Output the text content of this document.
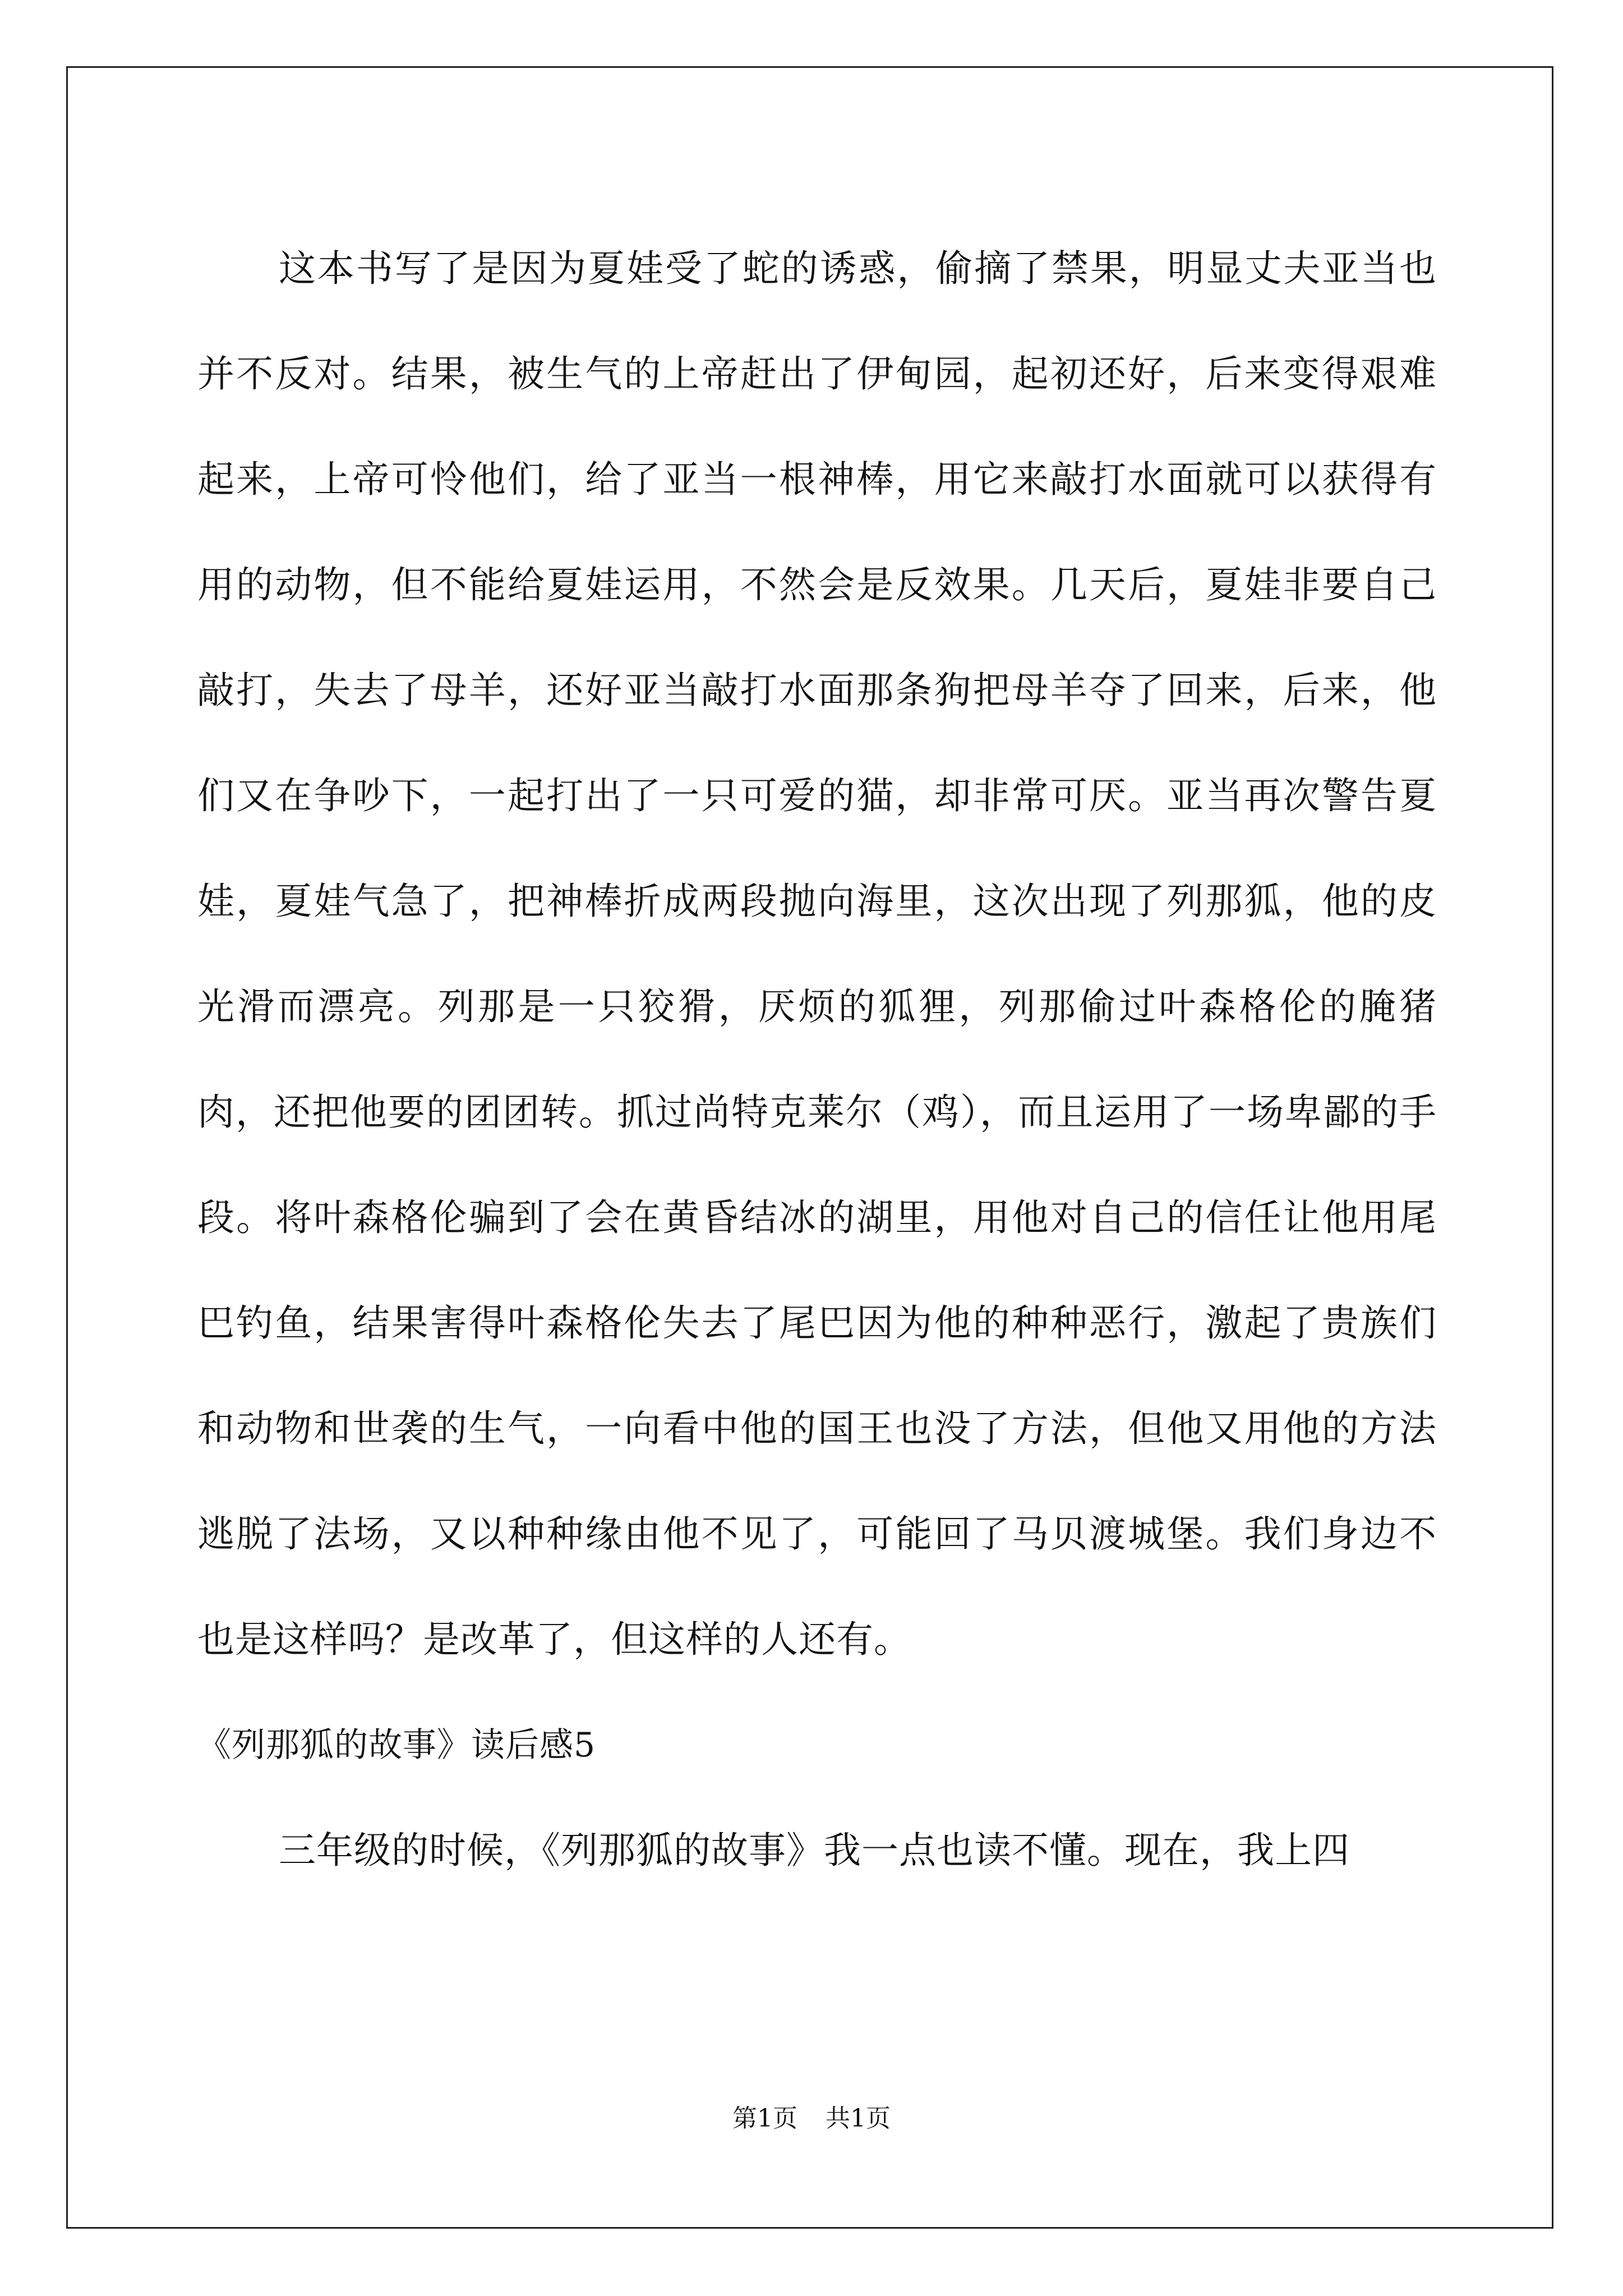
这本书写了是因为夏娃受了蛇的诱惑，偷摘了禁果，明显丈夫亚当也并不反对。结果，被生气的上帝赶出了伊甸园，起初还好，后来变得艰难起来，上帝可怜他们，给了亚当一根神棒，用它来敲打水面就可以获得有用的动物，但不能给夏娃运用，不然会是反效果。几天后，夏娃非要自己敲打，失去了母羊，还好亚当敲打水面那条狗把母羊夺了回来，后来，他们又在争吵下，一起打出了一只可爱的猫，却非常可厌。亚当再次警告夏娃，夏娃气急了，把神棒折成两段抛向海里，这次出现了列那狐，他的皮光滑而漂亮。列那是一只狡猾，厌烦的狐狸，列那偷过叶森格伦的腌猪肉，还把他要的团团转。抓过尚特克莱尔（鸡），而且运用了一场卑鄙的手段。将叶森格伦骗到了会在黄昏结冰的湖里，用他对自己的信任让他用尾巴钓鱼，结果害得叶森格伦失去了尾巴因为他的种种恶行，激起了贵族们和动物和世袭的生气，一向看中他的国王也没了方法，但他又用他的方法逃脱了法场，又以种种缘由他不见了，可能回了马贝渡城堡。我们身边不也是这样吗？是改革了，但这样的人还有。

《列那狐的故事》读后感5

三年级的时候，《列那狐的故事》我一点也读不懂。现在，我上四

第1页 共1页
